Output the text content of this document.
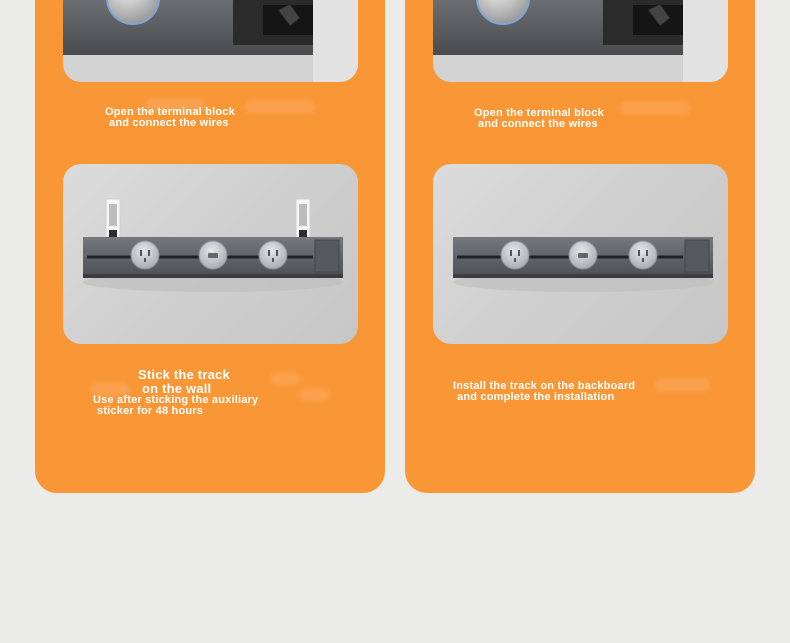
Open the terminal block
and connect the wires
Stick the track
on the wall
Use after sticking the auxiliary
sticker for 48 hours
Open the terminal block
and connect the wires
Install the track on the backboard
and complete the installation
